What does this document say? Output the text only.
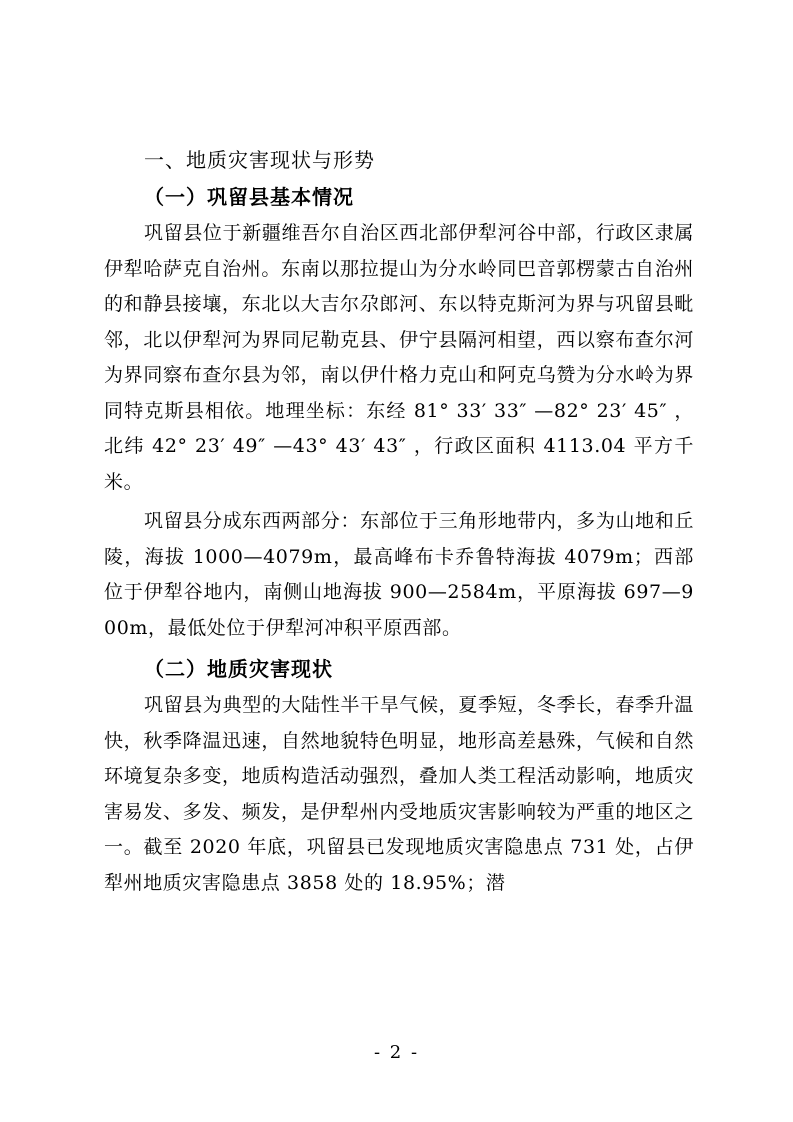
一、地质灾害现状与形势
（一）巩留县基本情况

巩留县位于新疆维吾尔自治区西北部伊犁河谷中部，行政区隶属伊犁哈萨克自治州。东南以那拉提山为分水岭同巴音郭楞蒙古自治州的和静县接壤，东北以大吉尔尕郎河、东以特克斯河为界与巩留县毗邻，北以伊犁河为界同尼勒克县、伊宁县隔河相望，西以察布查尔河为界同察布查尔县为邻，南以伊什格力克山和阿克乌赞为分水岭为界同特克斯县相依。地理坐标：东经 81° 33′ 33″ —82° 23′ 45″ ，北纬 42° 23′ 49″ —43° 43′ 43″ ，行政区面积 4113.04 平方千米。

巩留县分成东西两部分：东部位于三角形地带内，多为山地和丘陵，海拔 1000—4079m，最高峰布卡乔鲁特海拔 4079m；西部位于伊犁谷地内，南侧山地海拔 900—2584m，平原海拔 697—900m，最低处位于伊犁河冲积平原西部。

（二）地质灾害现状

巩留县为典型的大陆性半干旱气候，夏季短，冬季长，春季升温快，秋季降温迅速，自然地貌特色明显，地形高差悬殊，气候和自然环境复杂多变，地质构造活动强烈，叠加人类工程活动影响，地质灾害易发、多发、频发，是伊犁州内受地质灾害影响较为严重的地区之一。截至 2020 年底，巩留县已发现地质灾害隐患点 731 处，占伊犁州地质灾害隐患点 3858 处的 18.95%；潜

- 2 -
